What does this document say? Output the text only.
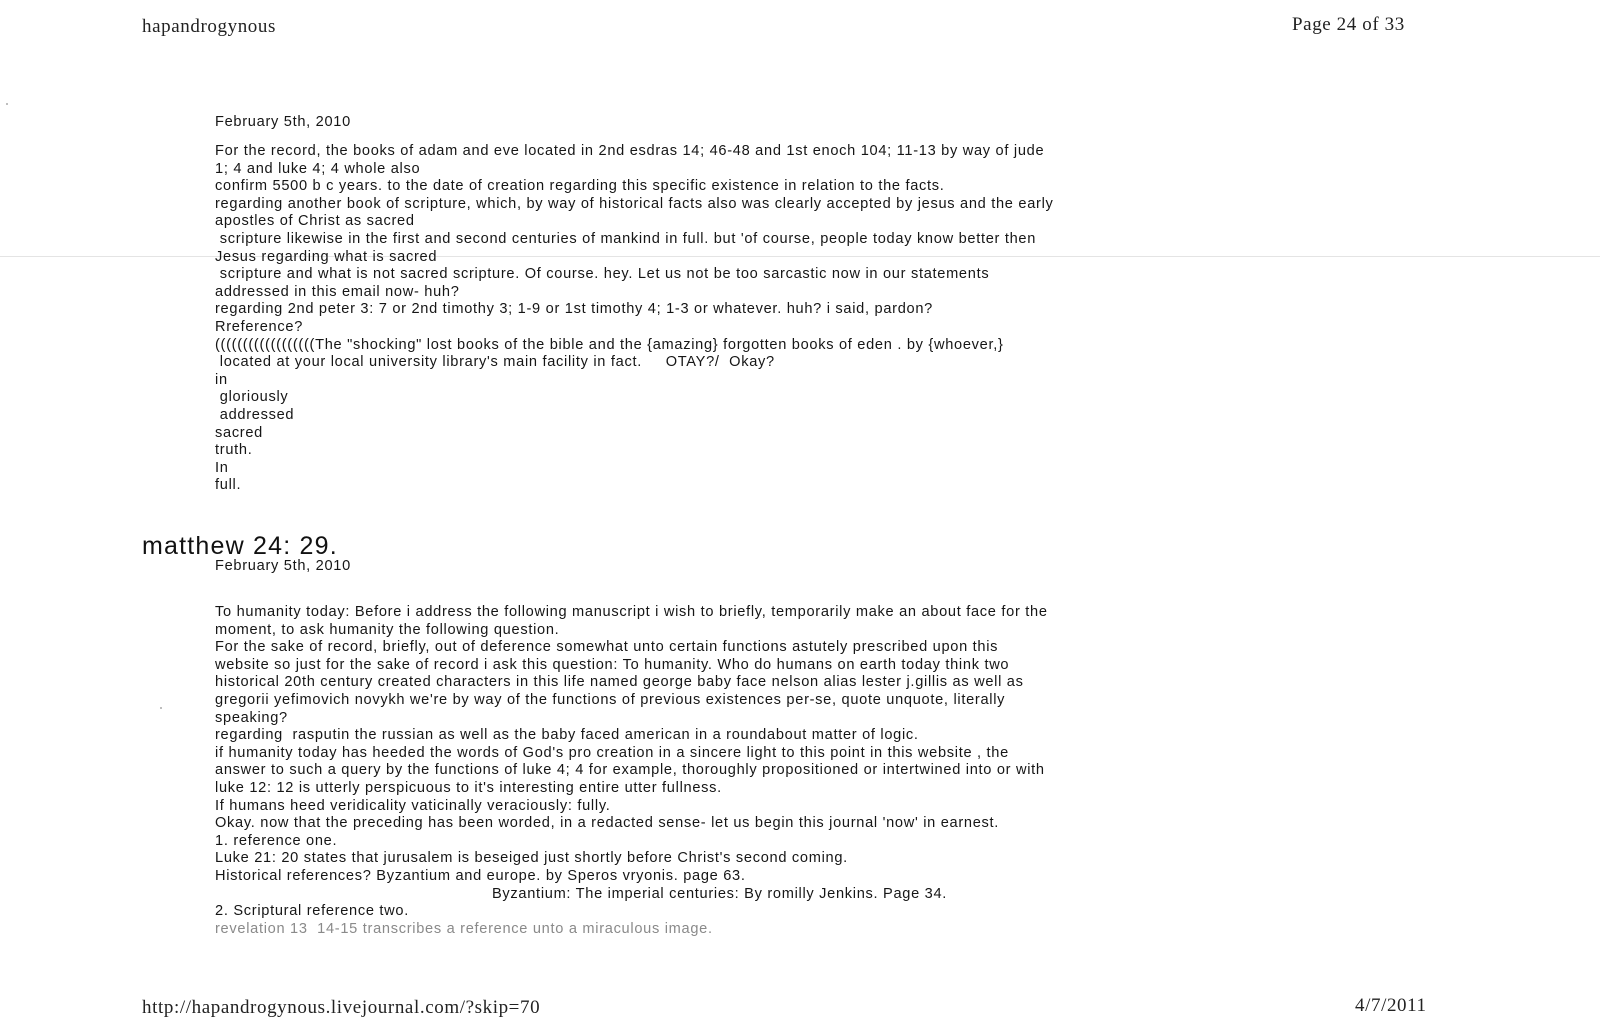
hapandrogynous	Page 24 of 33
February 5th, 2010
For the record, the books of adam and eve located in 2nd esdras 14; 46-48 and 1st enoch 104; 11-13 by way of jude
1; 4 and luke 4; 4 whole also
confirm 5500 b c years. to the date of creation regarding this specific existence in relation to the facts.
regarding another book of scripture, which, by way of historical facts also was clearly accepted by jesus and the early
apostles of Christ as sacred
scripture likewise in the first and second centuries of mankind in full. but 'of course, people today know better then
Jesus regarding what is sacred
scripture and what is not sacred scripture. Of course. hey. Let us not be too sarcastic now in our statements
addressed in this email now- huh?
regarding 2nd peter 3: 7 or 2nd timothy 3; 1-9 or 1st timothy 4; 1-3 or whatever. huh? i said, pardon?
Rreference?
((((((((((((((((((The "shocking" lost books of the bible and the {amazing} forgotten books of eden . by {whoever,}
located at your local university library's main facility in fact.     OTAY?/  Okay?
in
gloriously
addressed
sacred
truth.
In
full.
matthew 24: 29.
February 5th, 2010
To humanity today: Before i address the following manuscript i wish to briefly, temporarily make an about face for the
moment, to ask humanity the following question.
For the sake of record, briefly, out of deference somewhat unto certain functions astutely prescribed upon this
website so just for the sake of record i ask this question: To humanity. Who do humans on earth today think two
historical 20th century created characters in this life named george baby face nelson alias lester j.gillis as well as
gregorii yefimovich novykh we're by way of the functions of previous existences per-se, quote unquote, literally
speaking?
regarding  rasputin the russian as well as the baby faced american in a roundabout matter of logic.
if humanity today has heeded the words of God's pro creation in a sincere light to this point in this website , the
answer to such a query by the functions of luke 4; 4 for example, thoroughly propositioned or intertwined into or with
luke 12: 12 is utterly perspicuous to it's interesting entire utter fullness.
If humans heed veridicality vaticinally veraciously: fully.
Okay. now that the preceding has been worded, in a redacted sense- let us begin this journal 'now' in earnest.
1. reference one.
Luke 21: 20 states that jurusalem is beseiged just shortly before Christ's second coming.
Historical references? Byzantium and europe. by Speros vryonis. page 63.
Byzantium: The imperial centuries: By romilly Jenkins. Page 34.
2. Scriptural reference two.
revelation 13  14-15 transcribes a reference unto a miraculous image.
http://hapandrogynous.livejournal.com/?skip=70	4/7/2011
